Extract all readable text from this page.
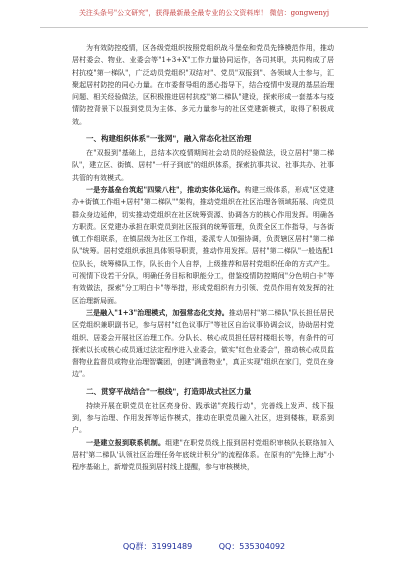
关注头条号"公文研究"，获得最新最全最专业的公文资料库！ 微信：gongwenyj

为有效防控疫情，区各级党组织按照党组织战斗堡垒和党员先锋模范作用，推动居村委会、物业、业委会等"1+3+X"工作力量协同运作，各司其职，共同构成了居村抗疫"第一梯队"，广泛动员党组织"双结对"、党员"双报到"、各领域人士参与，汇聚起居村防控的同心力量。在市委督导组的悉心指导下，结合疫情中发现的基层治理问题、相关经验做法，区积极推进居村抗疫"第二梯队"建设，探索形成一套基本与疫情防控背景下以报到党员为主体、多元力量参与的社区党建新模式，取得了积极成效。

一、构建组织体系"一张网"，融入常态化社区治理

在"双报到"基础上，总结本次疫情期间社会动员的经验做法，设立居村"第二梯队"，建立区、街镇、居村"一杆子到底"的组织体系，探索抗事共议、社事共办、社事共管的有效模式。

一是夯基垒台筑起"四梁八柱"，推动实体化运作。构建三级体系，形成"区党建办+街镇工作组+居村"第二梯队""架构，推动党组织在社区治理各领域拓展、向党员群众身边延伸，切实推动党组织在社区统筹资源、协调各方的核心作用发挥。明确各方职责。区党建办承担在职党员到社区报到的统筹管理，负责全区工作指导，与各街镇工作组联系，在镇层级为社区工作组，委派专人加强协调，负责辖区居村"第二梯队"统筹。居村党组织承担具体领导职责，推动作用发挥。居村"第二梯队"一般选配1位队长，统筹梯队工作，队长由个人自荐，上级推荐和居村党组织任命的方式产生。可视情下设若干分队，明确任务目标和职能分工，借鉴疫情防控期间"分色明白卡"等有效做法，探索"分工明白卡"等举措，形成党组织有力引领、党员作用有效发挥的社区治理新局面。

三是融入"1+3"治理模式，加强常态化支持。推动居村"第二梯队"队长担任居民区党组织兼职副书记，参与居村"红色议事厅"等社区自治议事协调会议，协助居村党组织、居委会开展社区治理工作。分队长、核心成员担任居村楼组长等，有条件的可探索以长或核心成员通过法定程序进入业委会，做实"红色业委会"，推动核心成员监督物业监督员或物业治理智囊团，创建"满意物业"，真正实现"组织在家门，党员在身边"。

二、贯穿平战结合"一根线"，打造即战式社区力量

持续开展在职党员在社区亮身份、践承诺"亮践行动"，完善线上发声、线下报到，参与治理、作用发挥等运作模式，推动在职党员融入社区，进到楼栋，联系到户。

一是建立报到联系机制。组建"在职党员线上报到居村党组织审核队长联络加入居村'第二梯队'认领社区治理任务年底统计积分"的流程体系。在原有的"先锋上海"小程序基础上，新增党员报到居村线上提醒，参与审核模块，

QQ群：31991489	QQ：535304092
